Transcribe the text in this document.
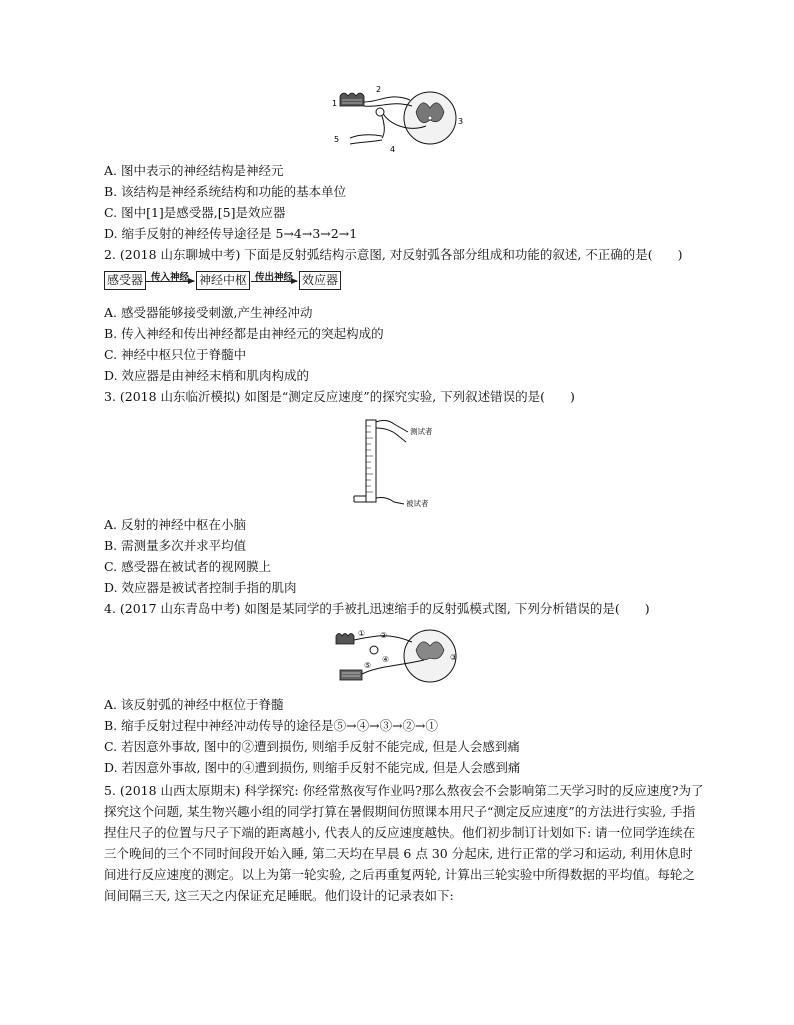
1
2
3
4
5
A. 图中表示的神经结构是神经元
B. 该结构是神经系统结构和功能的基本单位
C. 图中[1]是感受器,[5]是效应器
D. 缩手反射的神经传导途径是 5→4→3→2→1
2. (2018 山东聊城中考) 下面是反射弧结构示意图, 对反射弧各部分组成和功能的叙述, 不正确的是(　　)
感受器 传入神经 神经中枢 传出神经 效应器
A. 感受器能够接受刺激,产生神经冲动
B. 传入神经和传出神经都是由神经元的突起构成的
C. 神经中枢只位于脊髓中
D. 效应器是由神经末梢和肌肉构成的
3. (2018 山东临沂模拟) 如图是“测定反应速度”的探究实验, 下列叙述错误的是(　　)
测试者
被试者
A. 反射的神经中枢在小脑
B. 需测量多次并求平均值
C. 感受器在被试者的视网膜上
D. 效应器是被试者控制手指的肌肉
4. (2017 山东青岛中考) 如图是某同学的手被扎迅速缩手的反射弧模式图, 下列分析错误的是(　　)
① ②
③
④
⑤
A. 该反射弧的神经中枢位于脊髓
B. 缩手反射过程中神经冲动传导的途径是⑤→④→③→②→①
C. 若因意外事故, 图中的②遭到损伤, 则缩手反射不能完成, 但是人会感到痛
D. 若因意外事故, 图中的④遭到损伤, 则缩手反射不能完成, 但是人会感到痛
5. (2018 山西太原期末) 科学探究: 你经常熬夜写作业吗?那么熬夜会不会影响第二天学习时的反应速度?为了探究这个问题, 某生物兴趣小组的同学打算在暑假期间仿照课本用尺子“测定反应速度”的方法进行实验, 手指捏住尺子的位置与尺子下端的距离越小, 代表人的反应速度越快。他们初步制订计划如下: 请一位同学连续在三个晚间的三个不同时间段开始入睡, 第二天均在早晨 6 点 30 分起床, 进行正常的学习和运动, 利用休息时间进行反应速度的测定。以上为第一轮实验, 之后再重复两轮, 计算出三轮实验中所得数据的平均值。每轮之间间隔三天, 这三天之内保证充足睡眠。他们设计的记录表如下:
